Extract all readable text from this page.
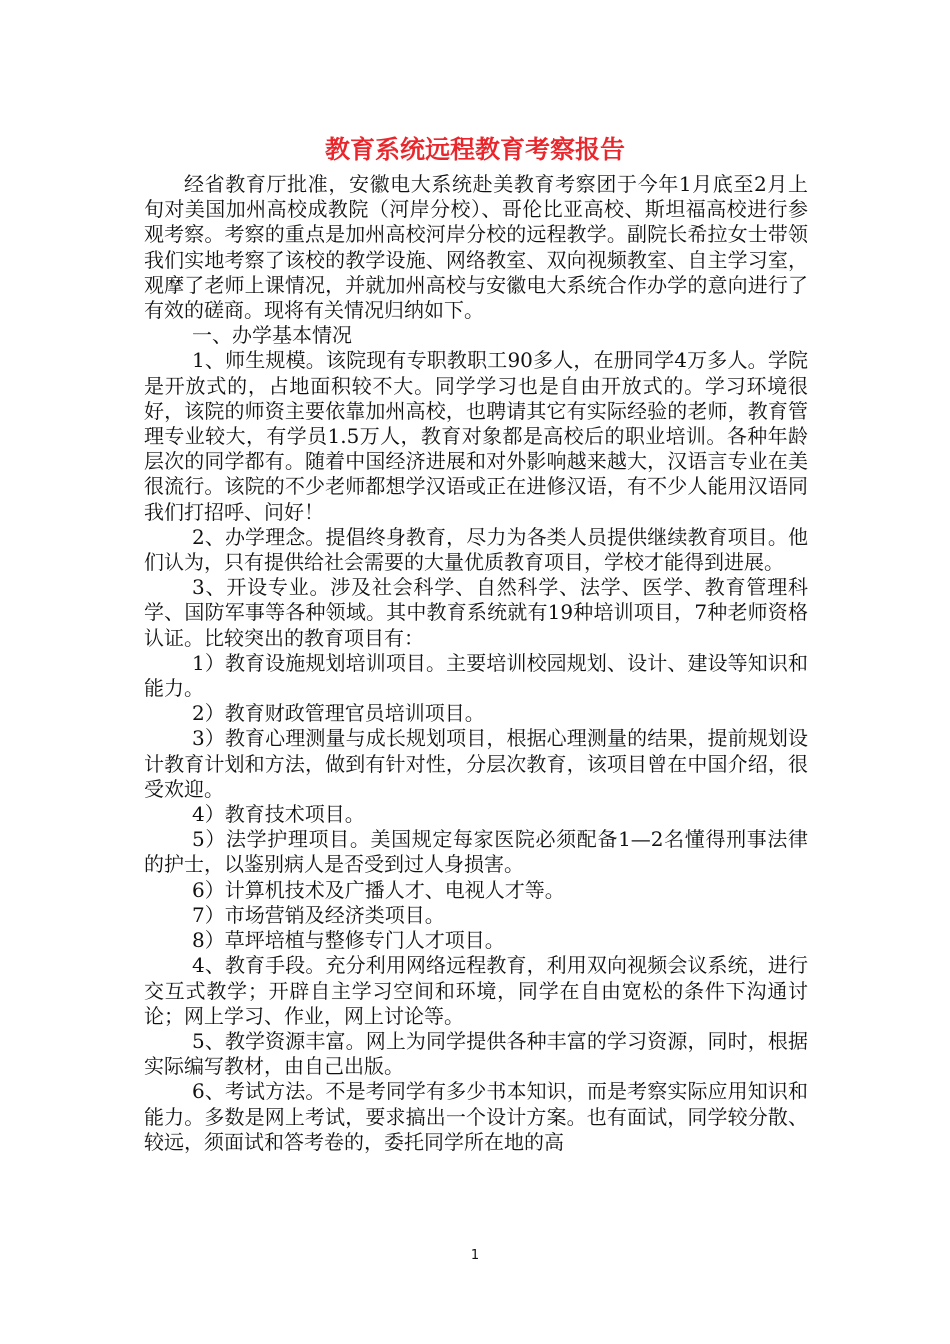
教育系统远程教育考察报告

经省教育厅批准，安徽电大系统赴美教育考察团于今年1月底至2月上旬对美国加州高校成教院（河岸分校）、哥伦比亚高校、斯坦福高校进行参观考察。考察的重点是加州高校河岸分校的远程教学。副院长希拉女士带领我们实地考察了该校的教学设施、网络教室、双向视频教室、自主学习室，观摩了老师上课情况，并就加州高校与安徽电大系统合作办学的意向进行了有效的磋商。现将有关情况归纳如下。

一、办学基本情况

1、师生规模。该院现有专职教职工90多人，在册同学4万多人。学院是开放式的，占地面积较不大。同学学习也是自由开放式的。学习环境很好，该院的师资主要依靠加州高校，也聘请其它有实际经验的老师，教育管理专业较大，有学员1.5万人，教育对象都是高校后的职业培训。各种年龄层次的同学都有。随着中国经济进展和对外影响越来越大，汉语言专业在美很流行。该院的不少老师都想学汉语或正在进修汉语，有不少人能用汉语同我们打招呼、问好！

2、办学理念。提倡终身教育，尽力为各类人员提供继续教育项目。他们认为，只有提供给社会需要的大量优质教育项目，学校才能得到进展。

3、开设专业。涉及社会科学、自然科学、法学、医学、教育管理科学、国防军事等各种领域。其中教育系统就有19种培训项目，7种老师资格认证。比较突出的教育项目有：

1）教育设施规划培训项目。主要培训校园规划、设计、建设等知识和能力。

2）教育财政管理官员培训项目。

3）教育心理测量与成长规划项目，根据心理测量的结果，提前规划设计教育计划和方法，做到有针对性，分层次教育，该项目曾在中国介绍，很受欢迎。

4）教育技术项目。

5）法学护理项目。美国规定每家医院必须配备1—2名懂得刑事法律的护士，以鉴别病人是否受到过人身损害。

6）计算机技术及广播人才、电视人才等。

7）市场营销及经济类项目。

8）草坪培植与整修专门人才项目。

4、教育手段。充分利用网络远程教育，利用双向视频会议系统，进行交互式教学；开辟自主学习空间和环境，同学在自由宽松的条件下沟通讨论；网上学习、作业，网上讨论等。

5、教学资源丰富。网上为同学提供各种丰富的学习资源，同时，根据实际编写教材，由自己出版。

6、考试方法。不是考同学有多少书本知识，而是考察实际应用知识和能力。多数是网上考试，要求搞出一个设计方案。也有面试，同学较分散、较远，须面试和答考卷的，委托同学所在地的高

1
